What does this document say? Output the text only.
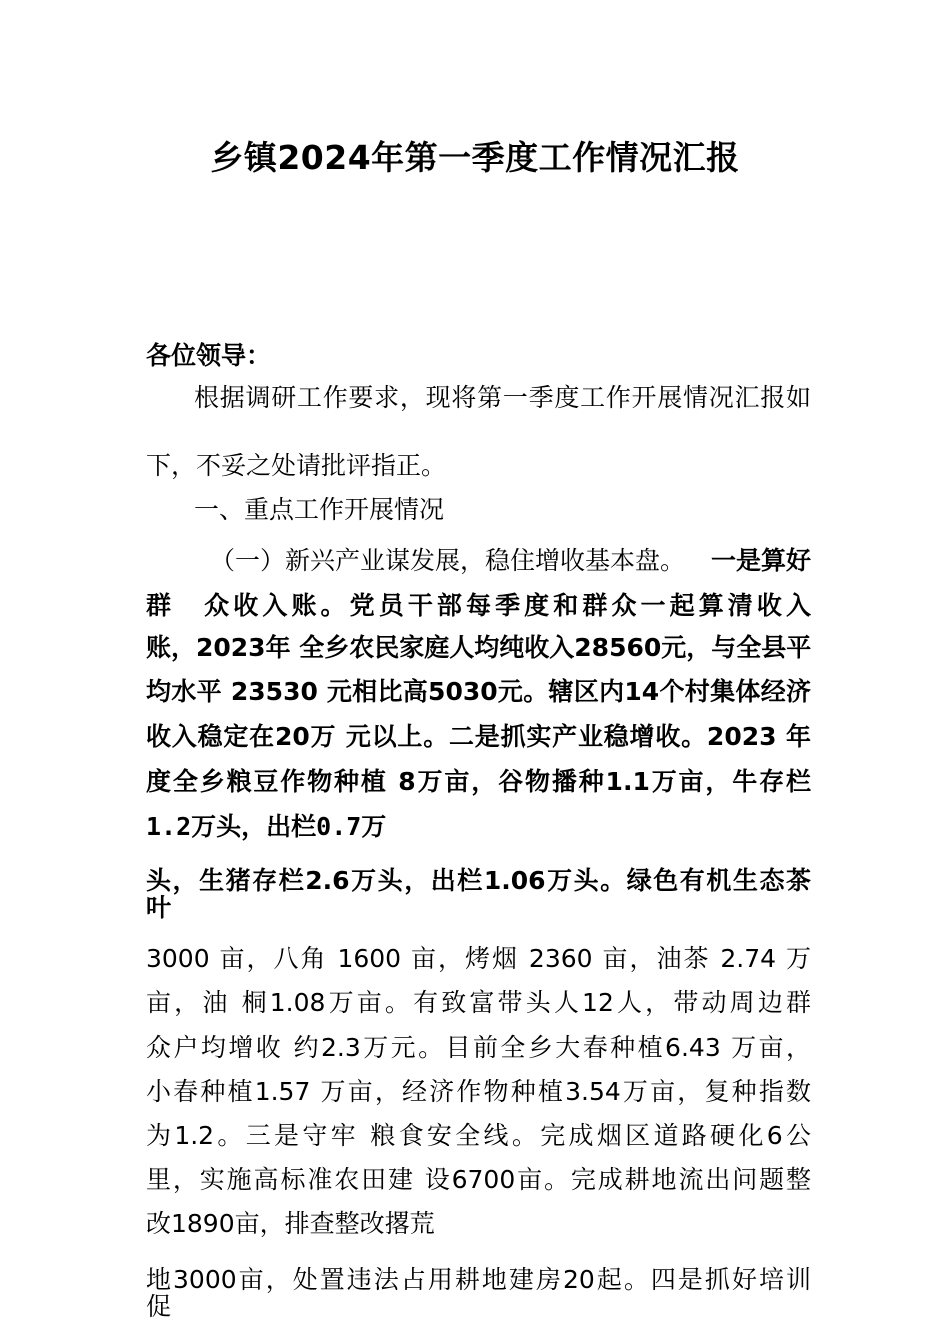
乡镇2024年第一季度工作情况汇报
各位领导：
根据调研工作要求，现将第一季度工作开展情况汇报如
下，不妥之处请批评指正。
一、重点工作开展情况
（一）新兴产业谋发展，稳住增收基本盘。 一是算好
群　众收入账。党员干部每季度和群众一起算清收入
账，2023年 全乡农民家庭人均纯收入28560元，与全县平
均水平 23530 元相比高5030元。辖区内14个村集体经济
收入稳定在20万 元以上。二是抓实产业稳增收。2023 年
度全乡粮豆作物种植 8万亩，谷物播种1.1万亩，牛存栏
1.2万头，出栏0.7万
头，生猪存栏2.6万头，出栏1.06万头。绿色有机生态茶
叶
3000 亩，八角 1600 亩，烤烟 2360 亩，油茶 2.74 万
亩，油 桐1.08万亩。有致富带头人12人，带动周边群
众户均增收 约2.3万元。目前全乡大春种植6.43 万亩，
小春种植1.57 万亩，经济作物种植3.54万亩，复种指数
为1.2。三是守牢 粮食安全线。完成烟区道路硬化6公
里，实施高标准农田建 设6700亩。完成耕地流出问题整
改1890亩，排查整改撂荒
地3000亩，处置违法占用耕地建房20起。四是抓好培训
促
